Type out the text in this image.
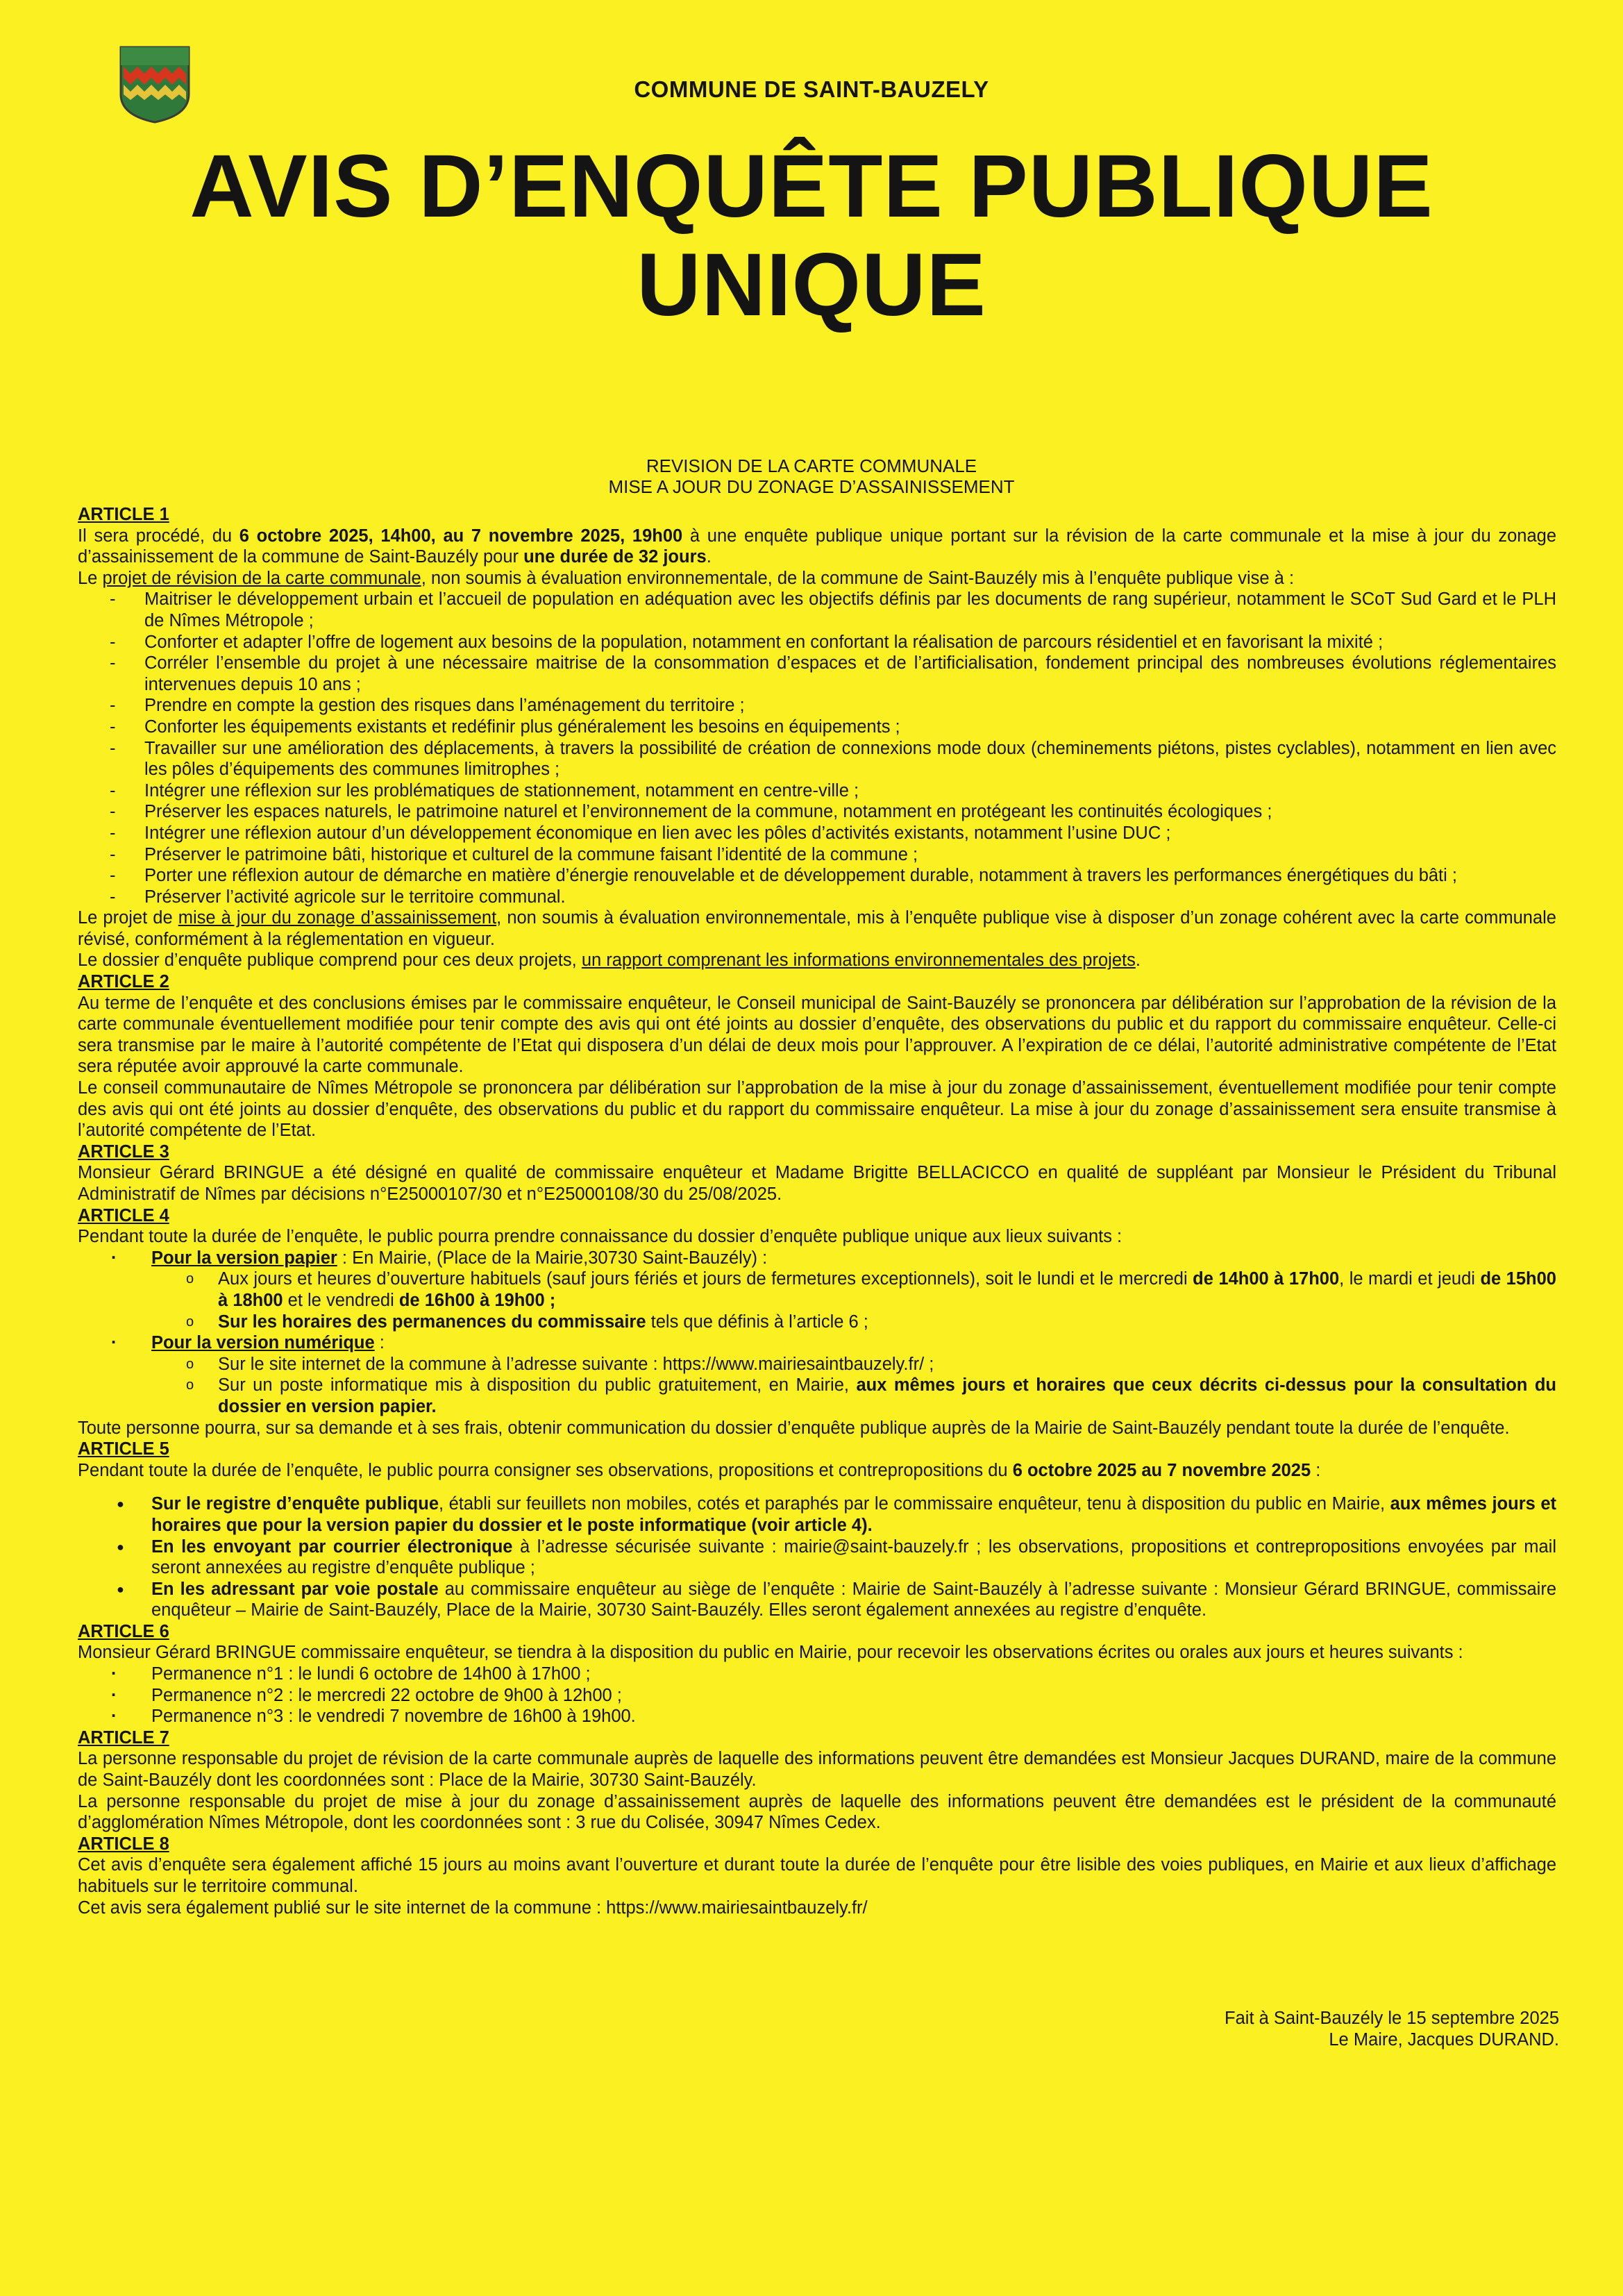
COMMUNE DE SAINT-BAUZELY
AVIS D’ENQUÊTE PUBLIQUE
UNIQUE
REVISION DE LA CARTE COMMUNALE
MISE A JOUR DU ZONAGE D’ASSAINISSEMENT

ARTICLE 1

Il sera procédé, du 6 octobre 2025, 14h00, au 7 novembre 2025, 19h00 à une enquête publique unique portant sur la révision de la carte communale et la mise à jour du zonage d’assainissement de la commune de Saint-Bauzély pour une durée de 32 jours.

Le projet de révision de la carte communale, non soumis à évaluation environnementale, de la commune de Saint-Bauzély mis à l’enquête publique vise à :

- Maitriser le développement urbain et l’accueil de population en adéquation avec les objectifs définis par les documents de rang supérieur, notamment le SCoT Sud Gard et le PLH de Nîmes Métropole ;
- Conforter et adapter l’offre de logement aux besoins de la population, notamment en confortant la réalisation de parcours résidentiel et en favorisant la mixité ;
- Corréler l’ensemble du projet à une nécessaire maitrise de la consommation d’espaces et de l’artificialisation, fondement principal des nombreuses évolutions réglementaires intervenues depuis 10 ans ;
- Prendre en compte la gestion des risques dans l’aménagement du territoire ;
- Conforter les équipements existants et redéfinir plus généralement les besoins en équipements ;
- Travailler sur une amélioration des déplacements, à travers la possibilité de création de connexions mode doux (cheminements piétons, pistes cyclables), notamment en lien avec les pôles d’équipements des communes limitrophes ;
- Intégrer une réflexion sur les problématiques de stationnement, notamment en centre-ville ;
- Préserver les espaces naturels, le patrimoine naturel et l’environnement de la commune, notamment en protégeant les continuités écologiques ;
- Intégrer une réflexion autour d’un développement économique en lien avec les pôles d’activités existants, notamment l’usine DUC ;
- Préserver le patrimoine bâti, historique et culturel de la commune faisant l’identité de la commune ;
- Porter une réflexion autour de démarche en matière d’énergie renouvelable et de développement durable, notamment à travers les performances énergétiques du bâti ;
- Préserver l’activité agricole sur le territoire communal.

Le projet de mise à jour du zonage d’assainissement, non soumis à évaluation environnementale, mis à l’enquête publique vise à disposer d’un zonage cohérent avec la carte communale révisé, conformément à la réglementation en vigueur.

Le dossier d’enquête publique comprend pour ces deux projets, un rapport comprenant les informations environnementales des projets.

ARTICLE 2

Au terme de l’enquête et des conclusions émises par le commissaire enquêteur, le Conseil municipal de Saint-Bauzély se prononcera par délibération sur l’approbation de la révision de la carte communale éventuellement modifiée pour tenir compte des avis qui ont été joints au dossier d’enquête, des observations du public et du rapport du commissaire enquêteur. Celle-ci sera transmise par le maire à l’autorité compétente de l’Etat qui disposera d’un délai de deux mois pour l’approuver. A l’expiration de ce délai, l’autorité administrative compétente de l’Etat sera réputée avoir approuvé la carte communale.

Le conseil communautaire de Nîmes Métropole se prononcera par délibération sur l’approbation de la mise à jour du zonage d’assainissement, éventuellement modifiée pour tenir compte des avis qui ont été joints au dossier d’enquête, des observations du public et du rapport du commissaire enquêteur. La mise à jour du zonage d’assainissement sera ensuite transmise à l’autorité compétente de l’Etat.

ARTICLE 3

Monsieur Gérard BRINGUE a été désigné en qualité de commissaire enquêteur et Madame Brigitte BELLACICCO en qualité de suppléant par Monsieur le Président du Tribunal Administratif de Nîmes par décisions n°E25000107/30 et n°E25000108/30 du 25/08/2025.

ARTICLE 4

Pendant toute la durée de l’enquête, le public pourra prendre connaissance du dossier d’enquête publique unique aux lieux suivants :

· Pour la version papier : En Mairie, (Place de la Mairie,30730 Saint-Bauzély) :
o Aux jours et heures d’ouverture habituels (sauf jours fériés et jours de fermetures exceptionnels), soit le lundi et le mercredi de 14h00 à 17h00, le mardi et jeudi de 15h00 à 18h00 et le vendredi de 16h00 à 19h00 ;
o Sur les horaires des permanences du commissaire tels que définis à l’article 6 ;
· Pour la version numérique :
o Sur le site internet de la commune à l’adresse suivante : https://www.mairiesaintbauzely.fr/ ;
o Sur un poste informatique mis à disposition du public gratuitement, en Mairie, aux mêmes jours et horaires que ceux décrits ci-dessus pour la consultation du dossier en version papier.

Toute personne pourra, sur sa demande et à ses frais, obtenir communication du dossier d’enquête publique auprès de la Mairie de Saint-Bauzély pendant toute la durée de l’enquête.

ARTICLE 5

Pendant toute la durée de l’enquête, le public pourra consigner ses observations, propositions et contrepropositions du 6 octobre 2025 au 7 novembre 2025 :

● Sur le registre d’enquête publique, établi sur feuillets non mobiles, cotés et paraphés par le commissaire enquêteur, tenu à disposition du public en Mairie, aux mêmes jours et horaires que pour la version papier du dossier et le poste informatique (voir article 4).
● En les envoyant par courrier électronique à l’adresse sécurisée suivante : mairie@saint-bauzely.fr ; les observations, propositions et contrepropositions envoyées par mail seront annexées au registre d’enquête publique ;
● En les adressant par voie postale au commissaire enquêteur au siège de l’enquête : Mairie de Saint-Bauzély à l’adresse suivante : Monsieur Gérard BRINGUE, commissaire enquêteur – Mairie de Saint-Bauzély, Place de la Mairie, 30730 Saint-Bauzély. Elles seront également annexées au registre d’enquête.

ARTICLE 6

Monsieur Gérard BRINGUE commissaire enquêteur, se tiendra à la disposition du public en Mairie, pour recevoir les observations écrites ou orales aux jours et heures suivants :

· Permanence n°1 : le lundi 6 octobre de 14h00 à 17h00 ;
· Permanence n°2 : le mercredi 22 octobre de 9h00 à 12h00 ;
· Permanence n°3 : le vendredi 7 novembre de 16h00 à 19h00.

ARTICLE 7

La personne responsable du projet de révision de la carte communale auprès de laquelle des informations peuvent être demandées est Monsieur Jacques DURAND, maire de la commune de Saint-Bauzély dont les coordonnées sont : Place de la Mairie, 30730 Saint-Bauzély.

La personne responsable du projet de mise à jour du zonage d’assainissement auprès de laquelle des informations peuvent être demandées est le président de la communauté d’agglomération Nîmes Métropole, dont les coordonnées sont : 3 rue du Colisée, 30947 Nîmes Cedex.

ARTICLE 8

Cet avis d’enquête sera également affiché 15 jours au moins avant l’ouverture et durant toute la durée de l’enquête pour être lisible des voies publiques, en Mairie et aux lieux d’affichage habituels sur le territoire communal.

Cet avis sera également publié sur le site internet de la commune : https://www.mairiesaintbauzely.fr/

Fait à Saint-Bauzély le 15 septembre 2025
Le Maire, Jacques DURAND.
